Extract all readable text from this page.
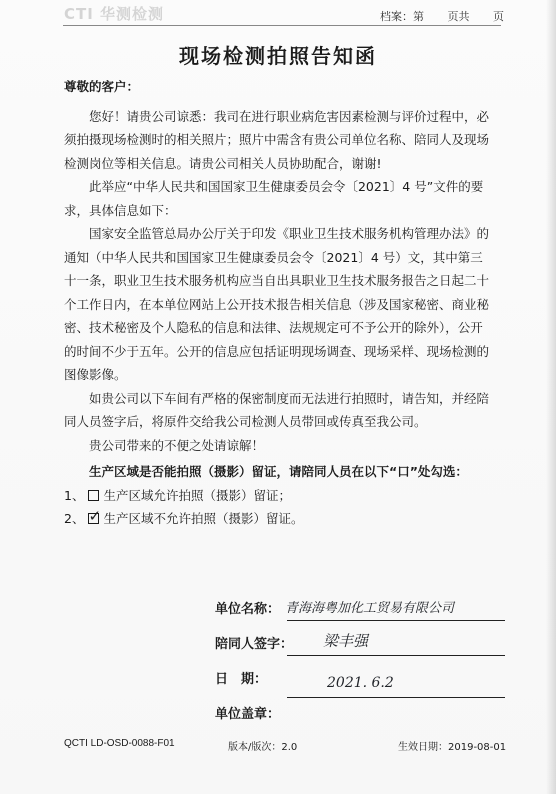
CTI 华测检测	档案：第 页共 页
现场检测拍照告知函

尊敬的客户：

您好！请贵公司谅悉：我司在进行职业病危害因素检测与评价过程中，必须拍摄现场检测时的相关照片；照片中需含有贵公司单位名称、陪同人及现场检测岗位等相关信息。请贵公司相关人员协助配合，谢谢!

此举应“中华人民共和国国家卫生健康委员会令〔2021〕4 号”文件的要求，具体信息如下：

国家安全监管总局办公厅关于印发《职业卫生技术服务机构管理办法》的通知（中华人民共和国国家卫生健康委员会令〔2021〕4 号）文，其中第三十一条，职业卫生技术服务机构应当自出具职业卫生技术服务报告之日起二十个工作日内，在本单位网站上公开技术报告相关信息（涉及国家秘密、商业秘密、技术秘密及个人隐私的信息和法律、法规规定可不予公开的除外），公开的时间不少于五年。公开的信息应包括证明现场调查、现场采样、现场检测的图像影像。

如贵公司以下车间有严格的保密制度而无法进行拍照时，请告知，并经陪同人员签字后，将原件交给我公司检测人员带回或传真至我公司。

贵公司带来的不便之处请谅解！

生产区域是否能拍照（摄影）留证，请陪同人员在以下“口”处勾选：

1、 生产区域允许拍照（摄影）留证；
2、 ✓ 生产区域不允许拍照（摄影）留证。
单位名称： 青海海粤加化工贸易有限公司
陪同人签字： 梁丰强
日　期：	2021. 6.2
单位盖章：
QCTI LD-OSD-0088-F01	版本/版次：2.0	生效日期：2019-08-01
